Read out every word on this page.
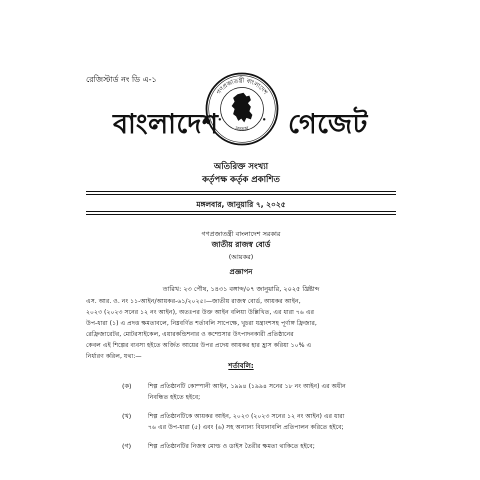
রেজিস্টার্ড নং ডি এ-১
গণপ্রজাতন্ত্রী বাংলাদেশ
সরকার
বাংলাদেশ	গেজেট
অতিরিক্ত সংখ্যা
কর্তৃপক্ষ কর্তৃক প্রকাশিত
মঙ্গলবার, জানুয়ারি ৭, ২০২৫
গণপ্রজাতন্ত্রী বাংলাদেশ সরকার
জাতীয় রাজস্ব বোর্ড
(আয়কর)
প্রজ্ঞাপন
তারিখ: ২৩ পৌষ, ১৪৩১ বঙ্গাব্দ/০৭ জানুয়ারি, ২০২৫ খ্রিষ্টাব্দ

এস. আর. ও. নং ১১-আইন/আয়কর-৬১/২০২৫।—জাতীয় রাজস্ব বোর্ড, আয়কর আইন,

২০২৩ (২০২৩ সনের ১২ নং আইন), অতঃপর উক্ত আইন বলিয়া উল্লিখিত, এর ধারা ৭৬ এর

উপ-ধারা (১) এ প্রদত্ত ক্ষমতাবলে, নিম্নবর্ণিত শর্তাবলি সাপেক্ষে, খুচরা যন্ত্রাংশসহ পূর্ণাঙ্গ ফ্রিজার,

রেফ্রিজারেটর, মোটরসাইকেল, এয়ারকন্ডিশনার ও কম্প্রেসার উৎপাদনকারী প্রতিষ্ঠানের

কেবল এই শিল্পের ব্যবসা হইতে অর্জিত আয়ের উপর প্রদেয় আয়কর হার হ্রাস করিয়া ১০% এ

নির্ধারণ করিল, যথা:—

শর্তাবলি:
(ক)	শিল্প প্রতিষ্ঠানটি কোম্পানী আইন, ১৯৯৪ (১৯৯৪ সনের ১৮ নং আইন) এর অধীন
নিবন্ধিত হইতে হইবে;
(খ)	শিল্প প্রতিষ্ঠানটিকে আয়কর আইন, ২০২৩ (২০২৩ সনের ১২ নং আইন) এর ধারা
৭৬ এর উপ-ধারা (৫) এবং (৬) সহ অন্যান্য বিধানাবলি প্রতিপালন করিতে হইবে;
(গ)	শিল্প প্রতিষ্ঠানটির নিজস্ব মোল্ড ও ডাইস তৈরীর ক্ষমতা থাকিতে হইবে;
